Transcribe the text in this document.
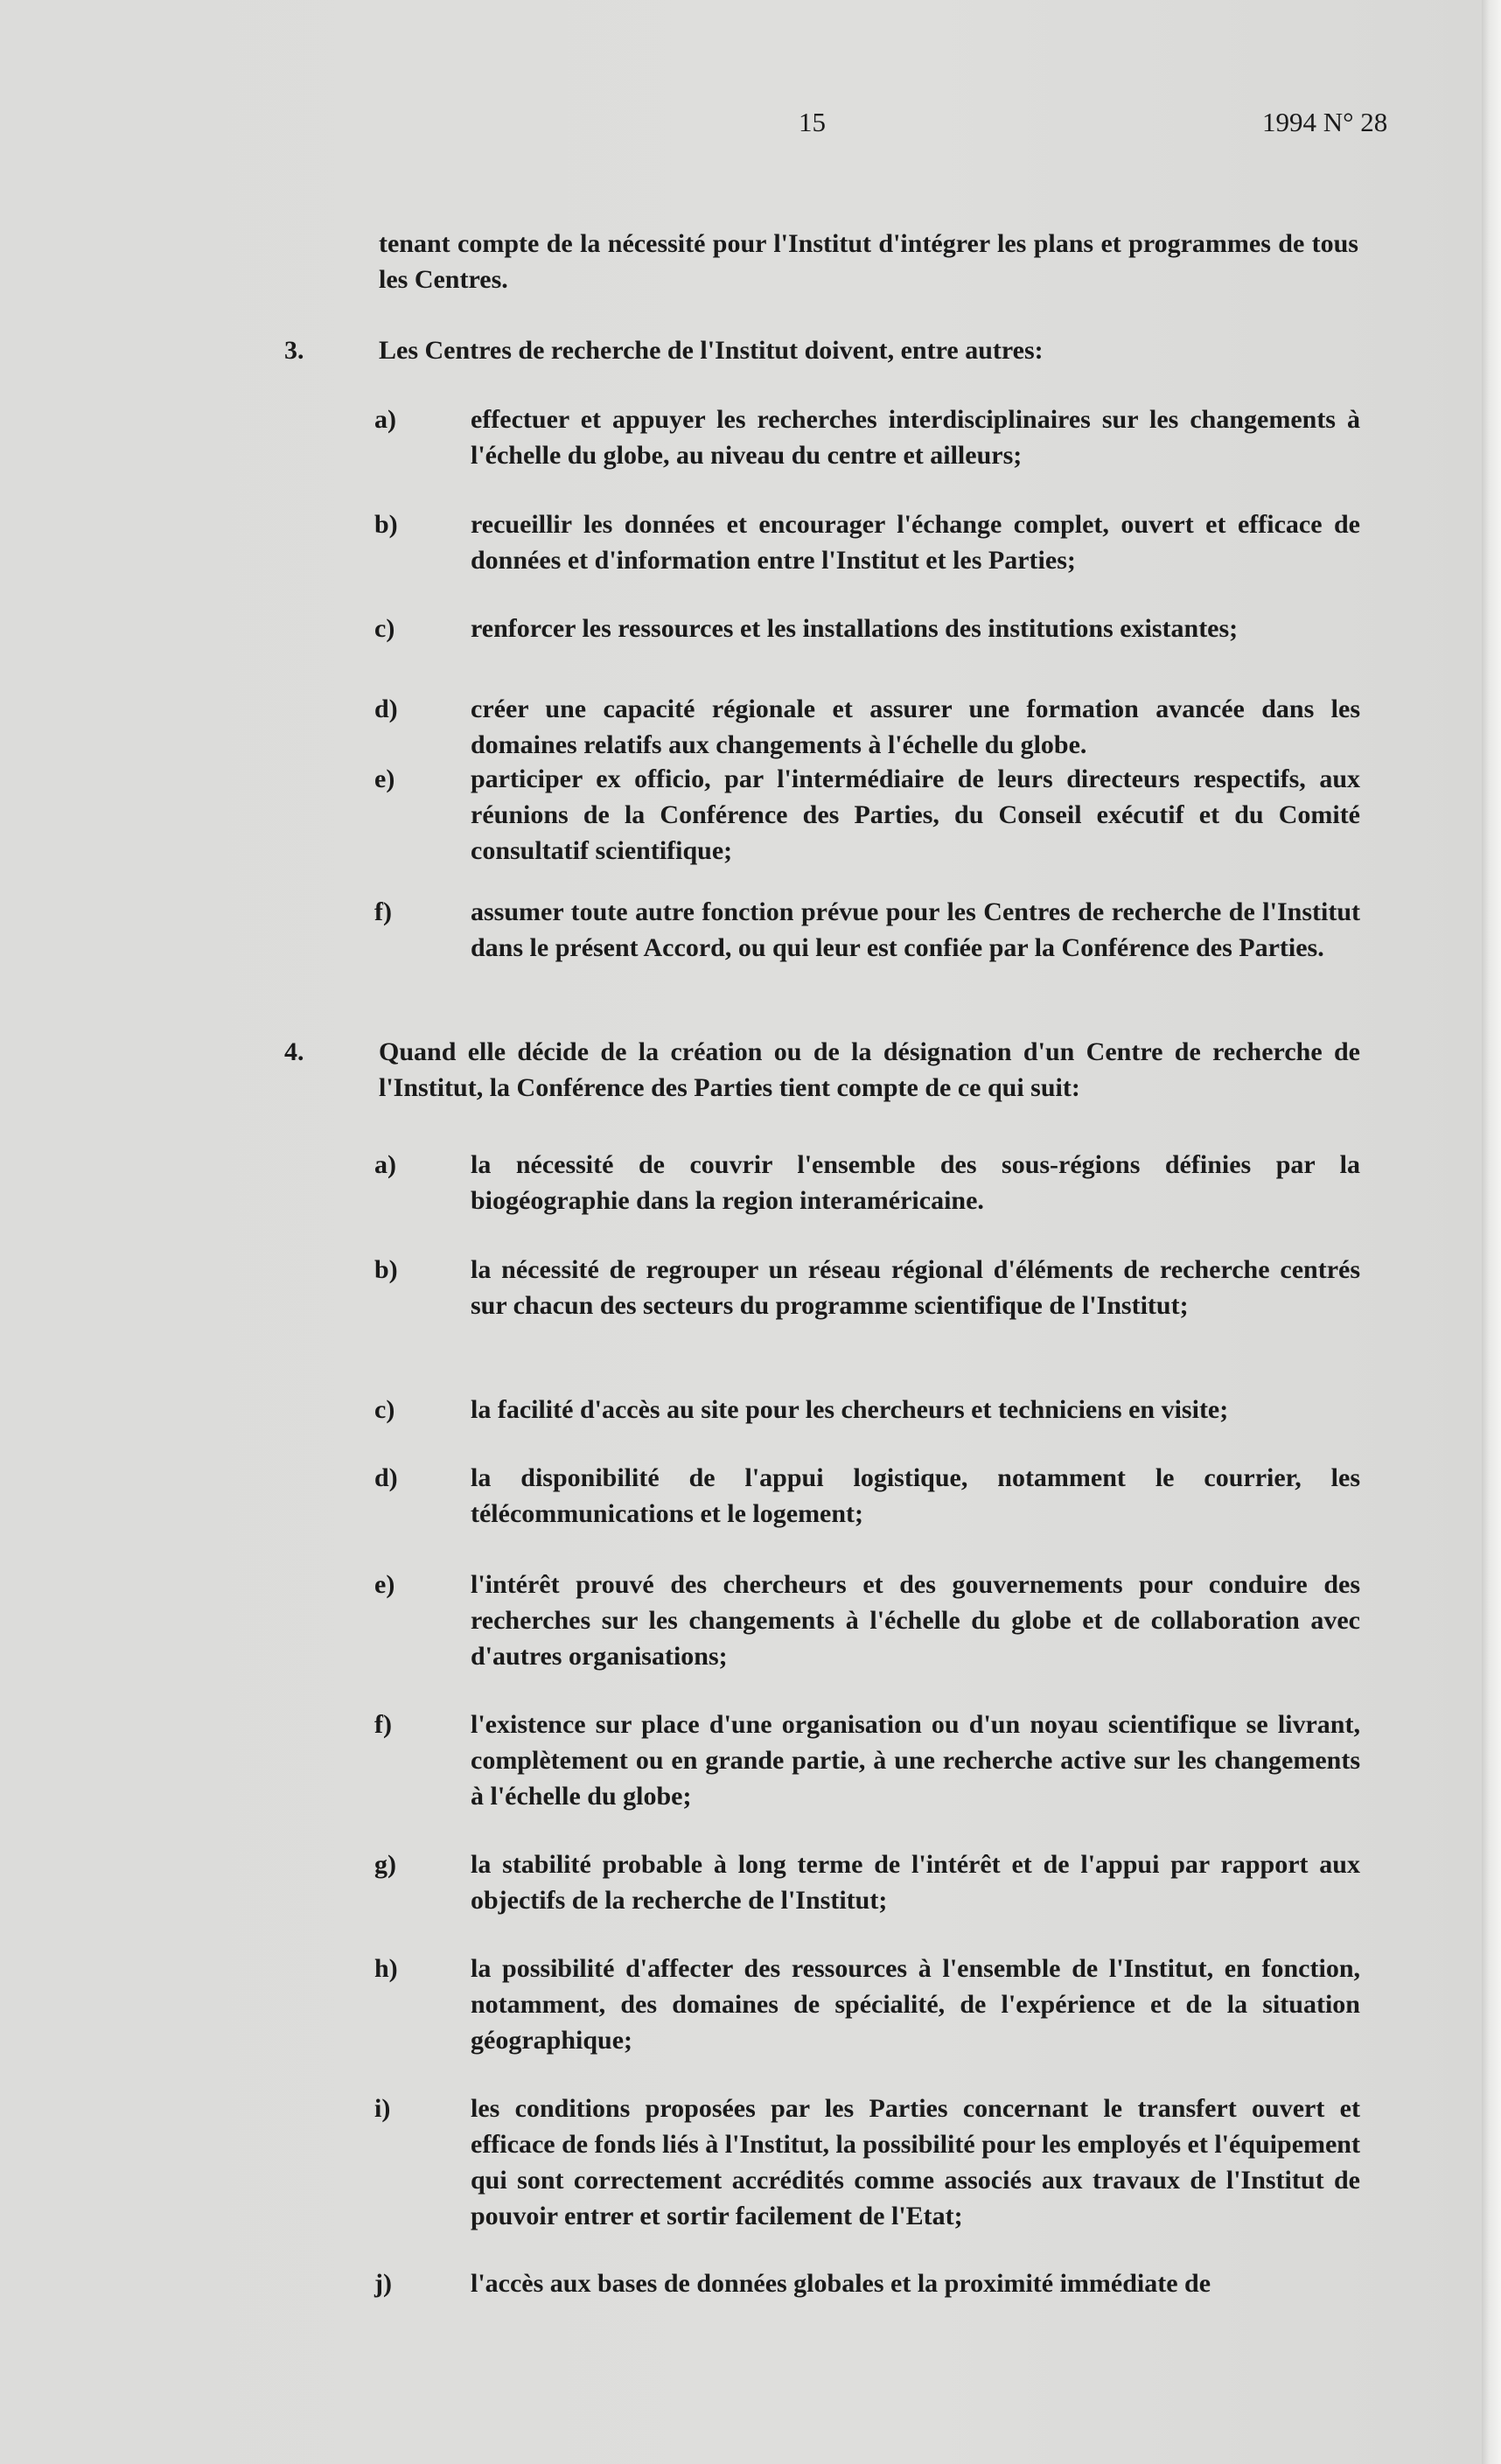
15	1994 N° 28
tenant compte de la nécessité pour l'Institut d'intégrer les plans et programmes de tous les Centres.
3.	Les Centres de recherche de l'Institut doivent, entre autres:
a)	effectuer et appuyer les recherches interdisciplinaires sur les changements à l'échelle du globe, au niveau du centre et ailleurs;
b)	recueillir les données et encourager l'échange complet, ouvert et efficace de données et d'information entre l'Institut et les Parties;
c)	renforcer les ressources et les installations des institutions existantes;
d)	créer une capacité régionale et assurer une formation avancée dans les domaines relatifs aux changements à l'échelle du globe.
e)	participer ex officio, par l'intermédiaire de leurs directeurs respectifs, aux réunions de la Conférence des Parties, du Conseil exécutif et du Comité consultatif scientifique;
f)	assumer toute autre fonction prévue pour les Centres de recherche de l'Institut dans le présent Accord, ou qui leur est confiée par la Conférence des Parties.
4.	Quand elle décide de la création ou de la désignation d'un Centre de recherche de l'Institut, la Conférence des Parties tient compte de ce qui suit:
a)	la nécessité de couvrir l'ensemble des sous-régions définies par la biogéographie dans la region interaméricaine.
b)	la nécessité de regrouper un réseau régional d'éléments de recherche centrés sur chacun des secteurs du programme scientifique de l'Institut;
c)	la facilité d'accès au site pour les chercheurs et techniciens en visite;
d)	la disponibilité de l'appui logistique, notamment le courrier, les télécommunications et le logement;
e)	l'intérêt prouvé des chercheurs et des gouvernements pour conduire des recherches sur les changements à l'échelle du globe et de collaboration avec d'autres organisations;
f)	l'existence sur place d'une organisation ou d'un noyau scientifique se livrant, complètement ou en grande partie, à une recherche active sur les changements à l'échelle du globe;
g)	la stabilité probable à long terme de l'intérêt et de l'appui par rapport aux objectifs de la recherche de l'Institut;
h)	la possibilité d'affecter des ressources à l'ensemble de l'Institut, en fonction, notamment, des domaines de spécialité, de l'expérience et de la situation géographique;
i)	les conditions proposées par les Parties concernant le transfert ouvert et efficace de fonds liés à l'Institut, la possibilité pour les employés et l'équipement qui sont correctement accrédités comme associés aux travaux de l'Institut de pouvoir entrer et sortir facilement de l'Etat;
j)	l'accès aux bases de données globales et la proximité immédiate de
